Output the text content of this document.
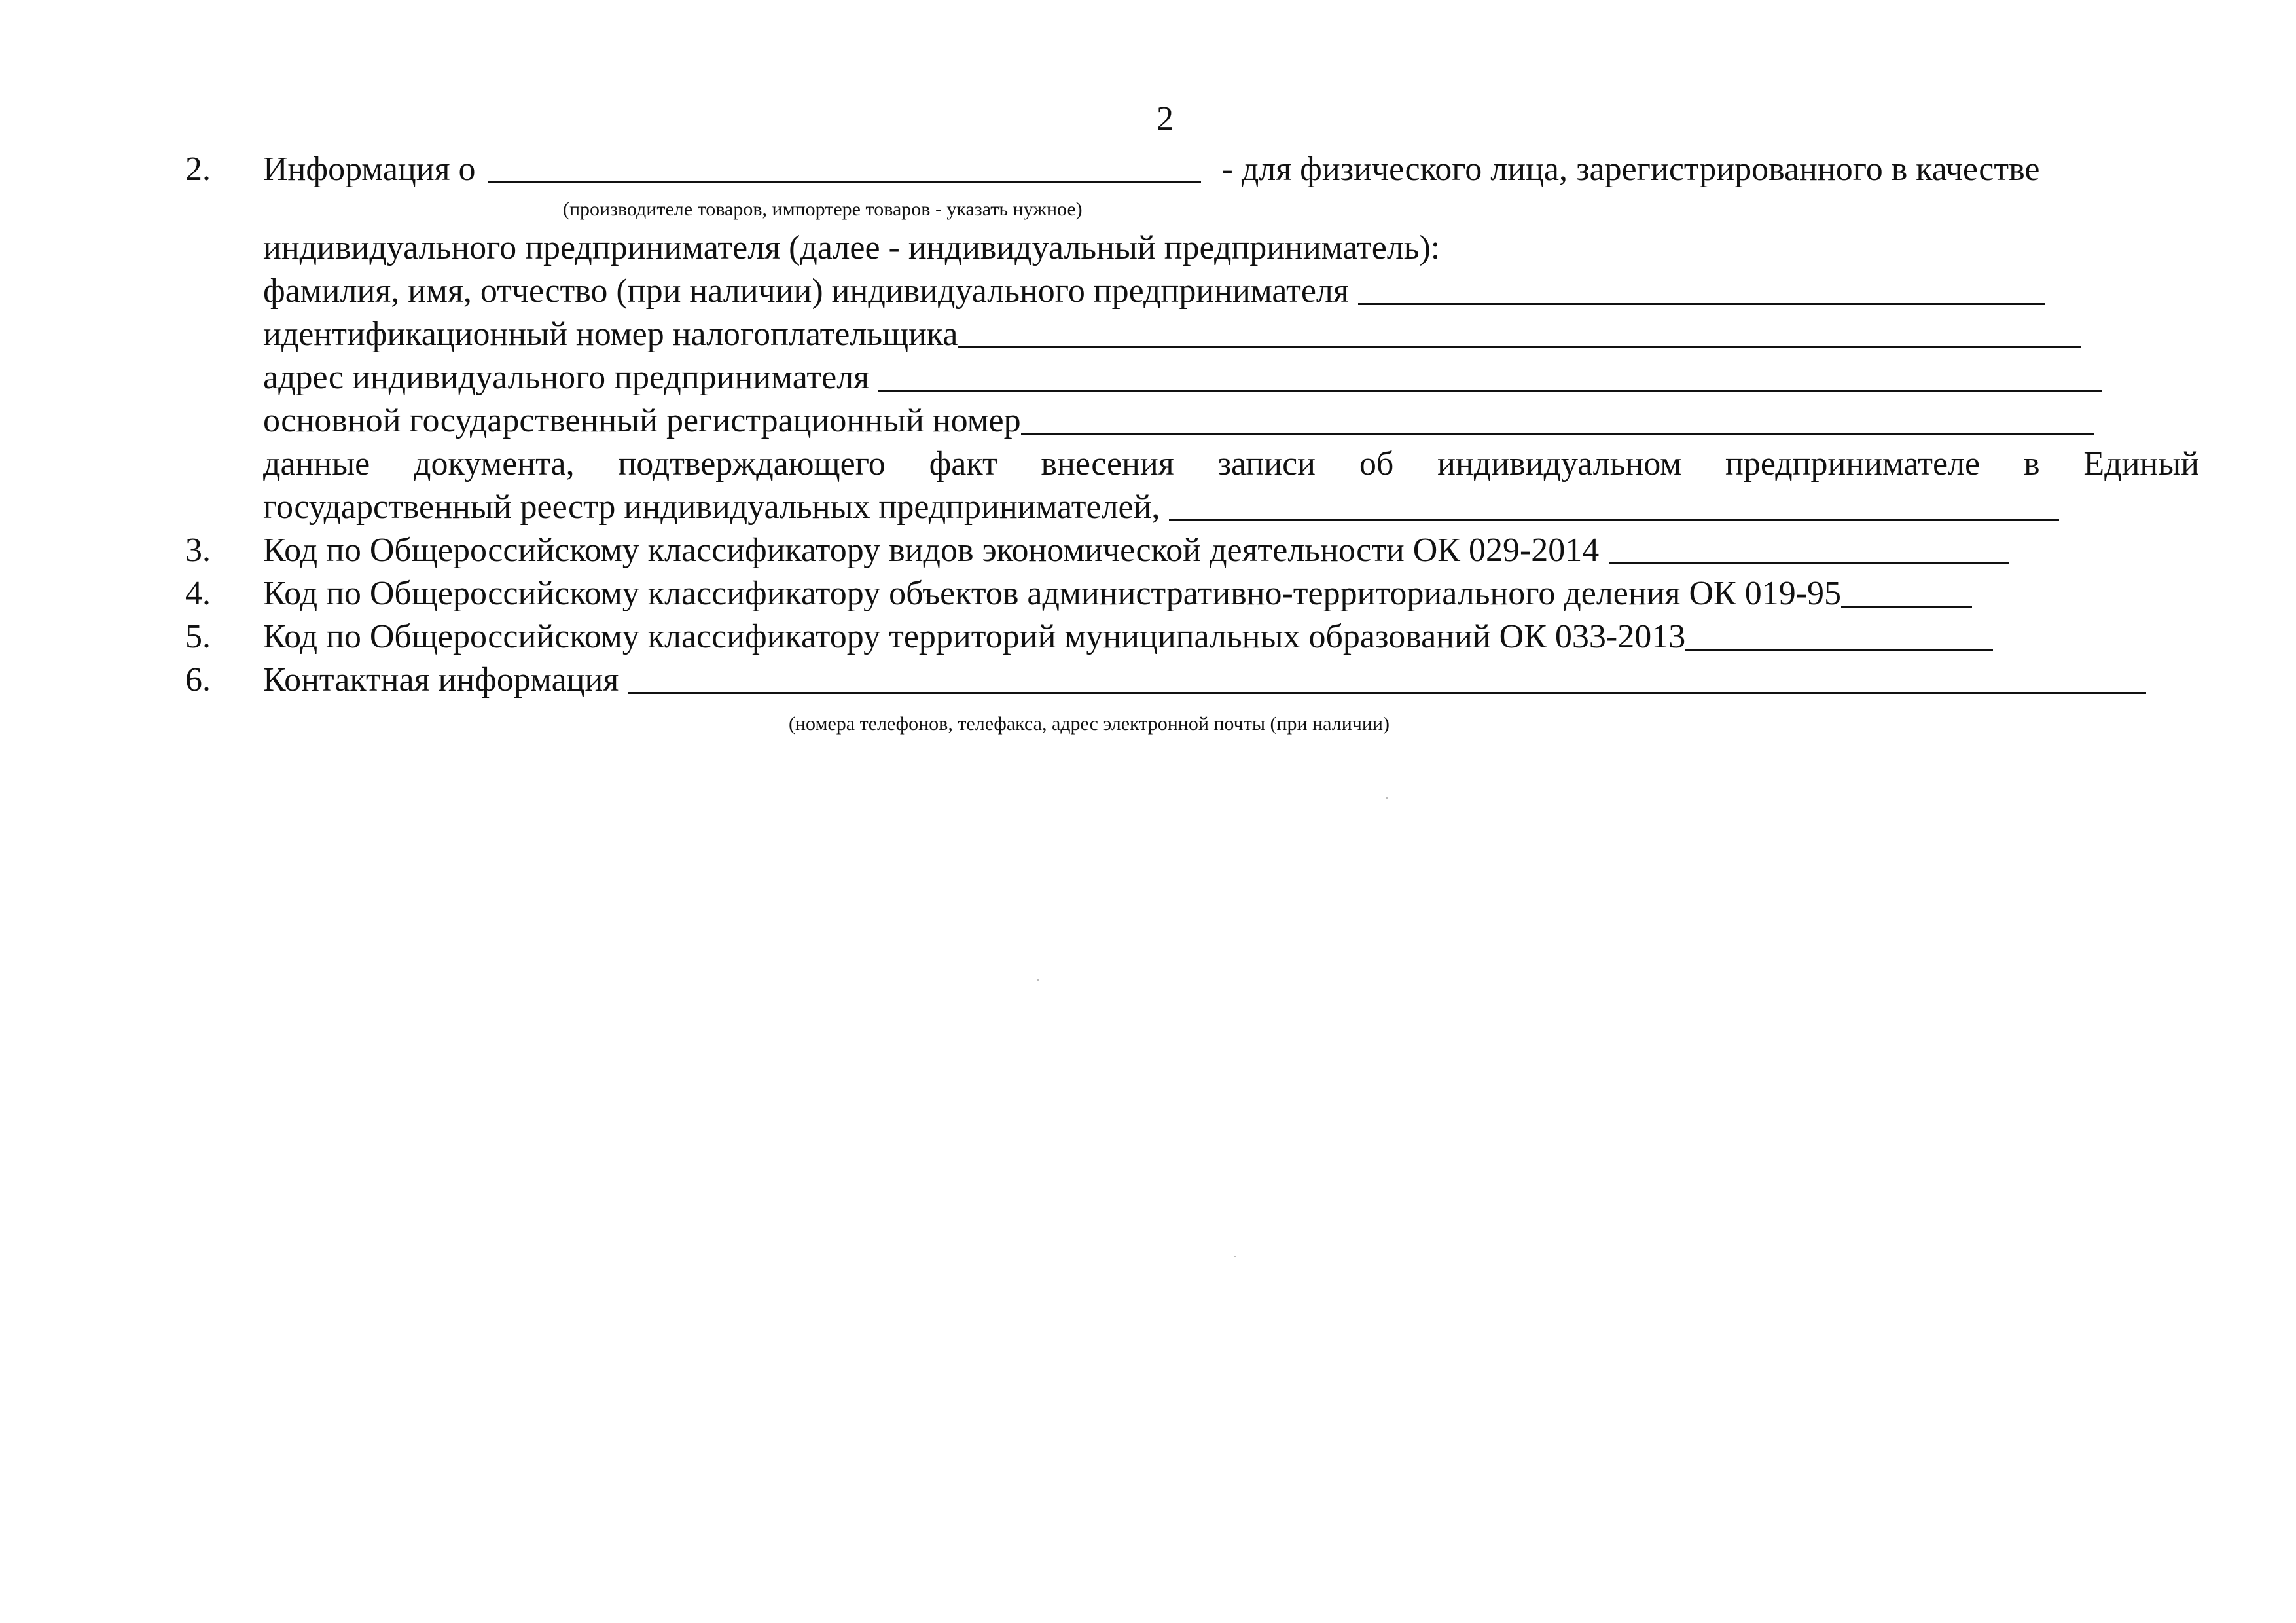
2
2. Информация о	- для физического лица, зарегистрированного в качестве
(производителе товаров, импортере товаров - указать нужное)
индивидуального предпринимателя (далее - индивидуальный предприниматель):
фамилия, имя, отчество (при наличии) индивидуального предпринимателя
идентификационный номер налогоплательщика
адрес индивидуального предпринимателя
основной государственный регистрационный номер
данные документа, подтверждающего факт внесения записи об индивидуальном предпринимателе в Единый
государственный реестр индивидуальных предпринимателей,
3. Код по Общероссийскому классификатору видов экономической деятельности ОК 029-2014
4. Код по Общероссийскому классификатору объектов административно-территориального деления ОК 019-95
5. Код по Общероссийскому классификатору территорий муниципальных образований ОК 033-2013
6. Контактная информация
(номера телефонов, телефакса, адрес электронной почты (при наличии)
